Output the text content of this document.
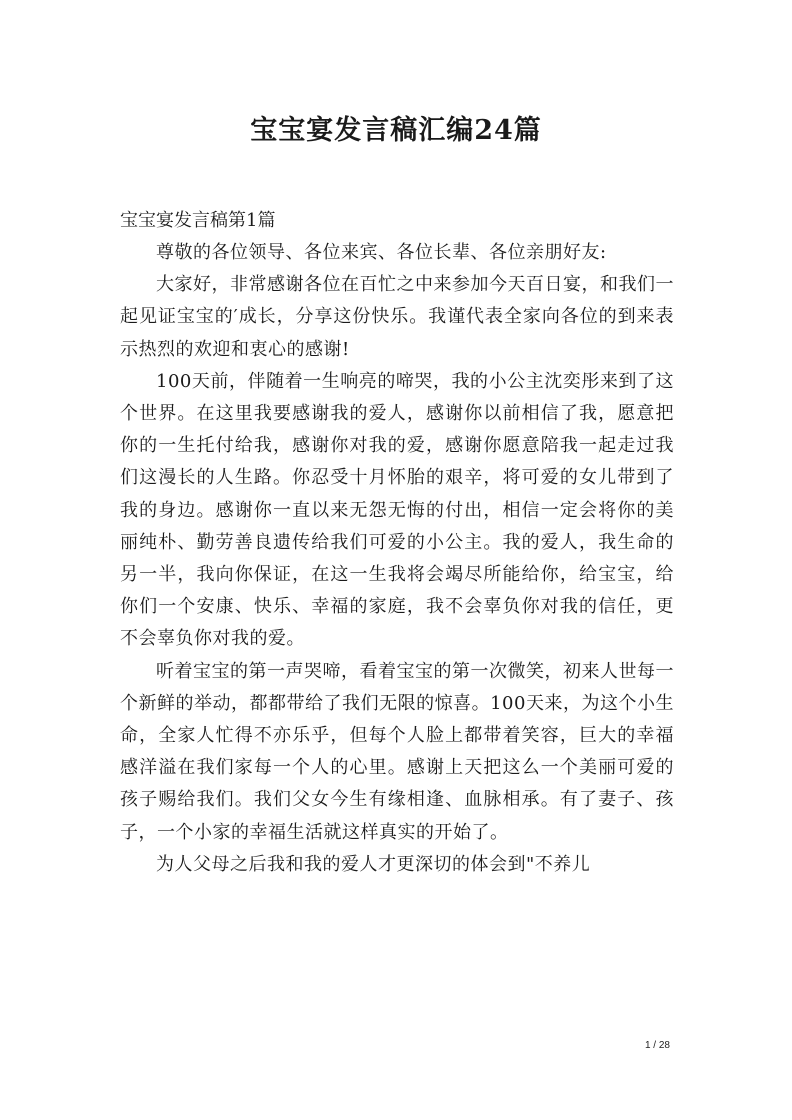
宝宝宴发言稿汇编24篇

宝宝宴发言稿第1篇

尊敬的各位领导、各位来宾、各位长辈、各位亲朋好友:

大家好，非常感谢各位在百忙之中来参加今天百日宴，和我们一起见证宝宝的′成长，分享这份快乐。我谨代表全家向各位的到来表示热烈的欢迎和衷心的感谢!

100天前，伴随着一生响亮的啼哭，我的小公主沈奕彤来到了这个世界。在这里我要感谢我的爱人，感谢你以前相信了我，愿意把你的一生托付给我，感谢你对我的爱，感谢你愿意陪我一起走过我们这漫长的人生路。你忍受十月怀胎的艰辛，将可爱的女儿带到了我的身边。感谢你一直以来无怨无悔的付出，相信一定会将你的美丽纯朴、勤劳善良遗传给我们可爱的小公主。我的爱人，我生命的另一半，我向你保证，在这一生我将会竭尽所能给你，给宝宝，给你们一个安康、快乐、幸福的家庭，我不会辜负你对我的信任，更不会辜负你对我的爱。

听着宝宝的第一声哭啼，看着宝宝的第一次微笑，初来人世每一个新鲜的举动，都都带给了我们无限的惊喜。100天来，为这个小生命，全家人忙得不亦乐乎，但每个人脸上都带着笑容，巨大的幸福感洋溢在我们家每一个人的心里。感谢上天把这么一个美丽可爱的孩子赐给我们。我们父女今生有缘相逢、血脉相承。有了妻子、孩子，一个小家的幸福生活就这样真实的开始了。

为人父母之后我和我的爱人才更深切的体会到"不养儿

1 / 28
